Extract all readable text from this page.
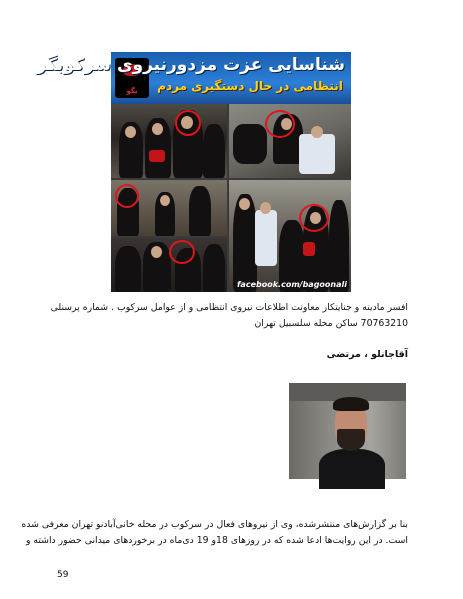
بگو
شناسایی عزت مزدورنیروی سرکوبگر
انتظامی در حال دستگیری مردم
facebook.com/bagoonali
افسر مادینه و جنایتکار معاونت اطلاعات نیروی انتظامی و از عوامل سرکوب . شماره پرسنلی
70763210 ساکن محله سلسبیل تهران
آقاجانلو ، مرتضی
بنا بر گزارش‌های منتشرشده، وی از نیروهای فعال در سرکوب در محله خانی‌آبادنو تهران معرفی شده
است. در این روایت‌ها ادعا شده که در روزهای 18و 19 دی‌ماه در برخوردهای میدانی حضور داشته و
59
